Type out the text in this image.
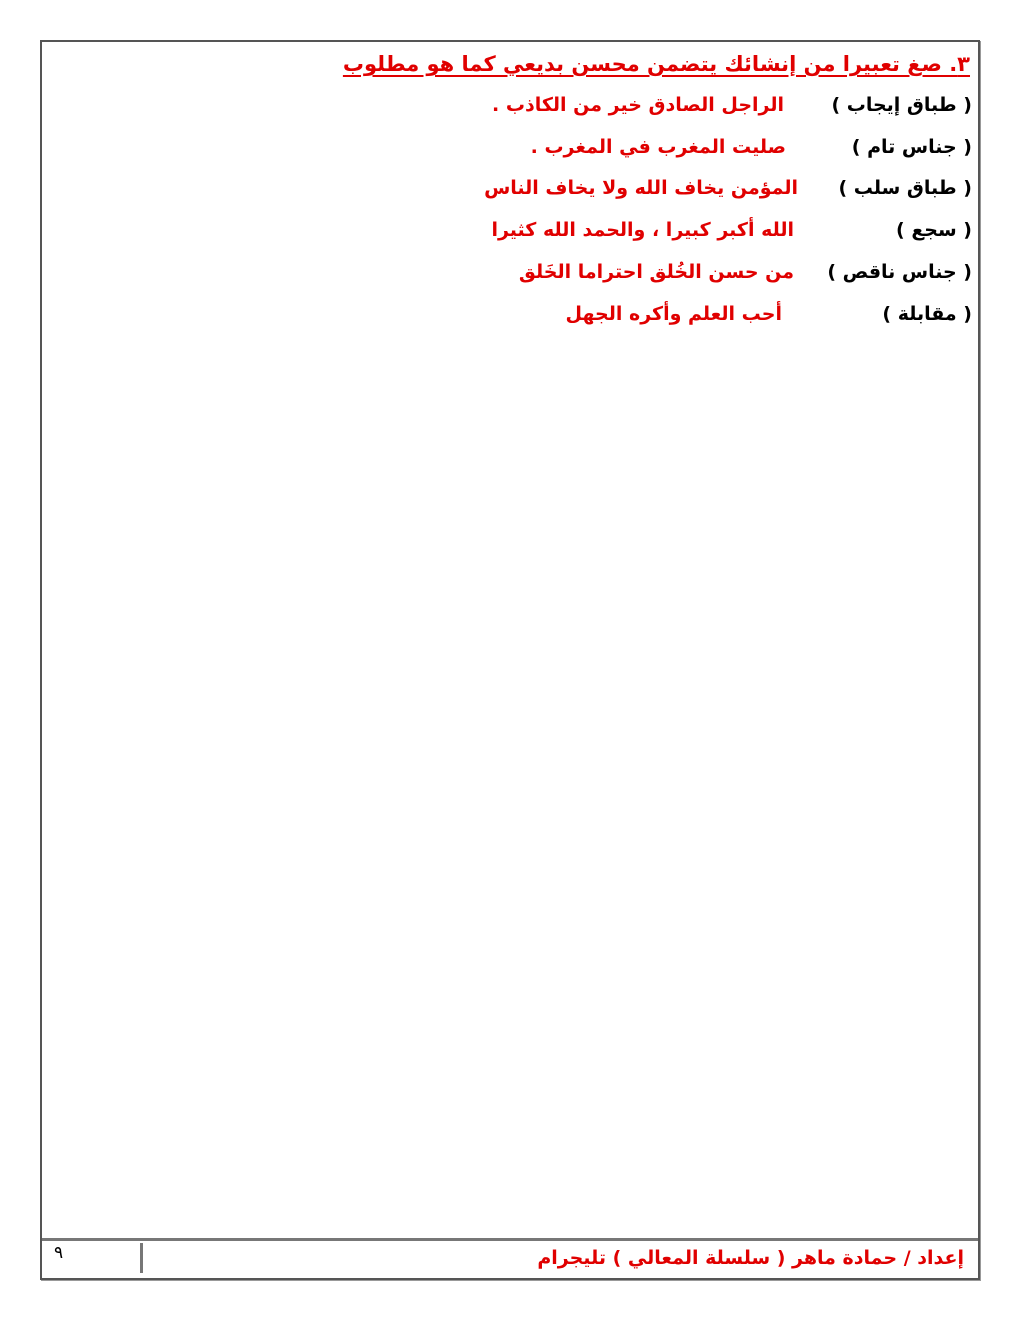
٣. صغ تعبيرا من إنشائك يتضمن محسن بديعي كما هو مطلوب
( طباق إيجاب )
الراجل الصادق خير من الكاذب .
( جناس تام )
صليت المغرب في المغرب .
( طباق سلب )
المؤمن يخاف الله ولا يخاف الناس
( سجع )
الله أكبر كبيرا ، والحمد الله كثيرا
( جناس ناقص )
من حسن الخُلق احتراما الخَلق
( مقابلة )
أحب العلم وأكره الجهل
إعداد / حمادة ماهر ( سلسلة المعالي ) تليجرام
٩
